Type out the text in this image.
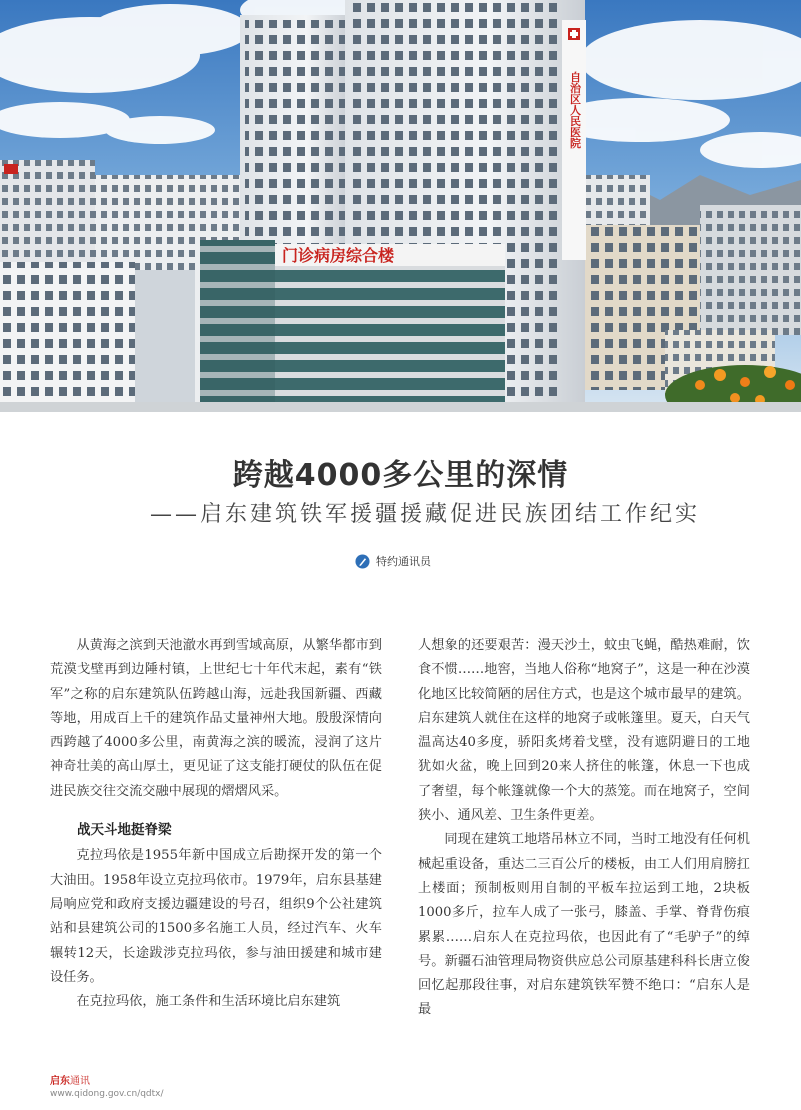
自治区人民医院
门诊病房综合楼
跨越4000多公里的深情
——启东建筑铁军援疆援藏促进民族团结工作纪实
特约通讯员

从黄海之滨到天池澈水再到雪域高原，从繁华都市到荒漠戈壁再到边陲村镇，上世纪七十年代末起，素有“铁军”之称的启东建筑队伍跨越山海，远赴我国新疆、西藏等地，用成百上千的建筑作品丈量神州大地。殷殷深情向西跨越了4000多公里，南黄海之滨的暖流，浸润了这片神奇壮美的高山厚土，更见证了这支能打硬仗的队伍在促进民族交往交流交融中展现的熠熠风采。

战天斗地挺脊梁

克拉玛依是1955年新中国成立后勘探开发的第一个大油田。1958年设立克拉玛依市。1979年，启东县基建局响应党和政府支援边疆建设的号召，组织9个公社建筑站和县建筑公司的1500多名施工人员，经过汽车、火车辗转12天，长途跋涉克拉玛依，参与油田援建和城市建设任务。

在克拉玛依，施工条件和生活环境比启东建筑

人想象的还要艰苦：漫天沙土，蚊虫飞蝇，酷热难耐，饮食不惯……地窖，当地人俗称“地窝子”，这是一种在沙漠化地区比较简陋的居住方式，也是这个城市最早的建筑。启东建筑人就住在这样的地窝子或帐篷里。夏天，白天气温高达40多度，骄阳炙烤着戈壁，没有遮阴避日的工地犹如火盆，晚上回到20来人挤住的帐篷，休息一下也成了奢望，每个帐篷就像一个大的蒸笼。而在地窝子，空间狭小、通风差、卫生条件更差。

同现在建筑工地塔吊林立不同，当时工地没有任何机械起重设备，重达二三百公斤的楼板，由工人们用肩膀扛上楼面；预制板则用自制的平板车拉运到工地，2块板1000多斤，拉车人成了一张弓，膝盖、手掌、脊背伤痕累累……启东人在克拉玛依，也因此有了“毛驴子”的绰号。新疆石油管理局物资供应总公司原基建科科长唐立俊回忆起那段往事，对启东建筑铁军赞不绝口：“启东人是最

启东通讯
www.qidong.gov.cn/qdtx/
